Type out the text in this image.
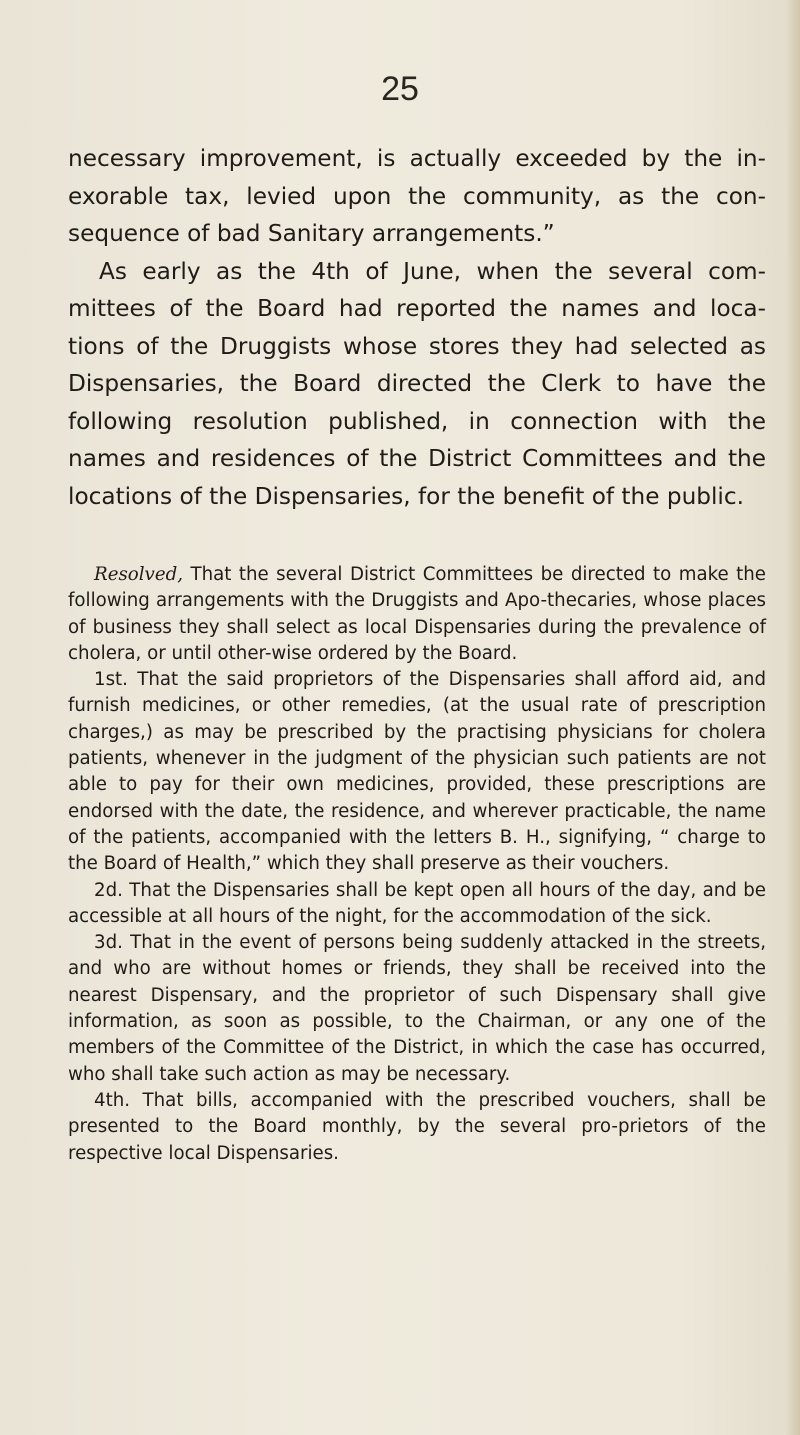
25

necessary improvement, is actually exceeded by the in-exorable tax, levied upon the community, as the con-sequence of bad Sanitary arrangements.”

As early as the 4th of June, when the several com-mittees of the Board had reported the names and loca-tions of the Druggists whose stores they had selected as Dispensaries, the Board directed the Clerk to have the following resolution published, in connection with the names and residences of the District Committees and the locations of the Dispensaries, for the benefit of the public.

Resolved, That the several District Committees be directed to make the following arrangements with the Druggists and Apo-thecaries, whose places of business they shall select as local Dispensaries during the prevalence of cholera, or until other-wise ordered by the Board.

1st. That the said proprietors of the Dispensaries shall afford aid, and furnish medicines, or other remedies, (at the usual rate of prescription charges,) as may be prescribed by the practising physicians for cholera patients, whenever in the judgment of the physician such patients are not able to pay for their own medicines, provided, these prescriptions are endorsed with the date, the residence, and wherever practicable, the name of the patients, accompanied with the letters B. H., signifying, “ charge to the Board of Health,” which they shall preserve as their vouchers.

2d. That the Dispensaries shall be kept open all hours of the day, and be accessible at all hours of the night, for the accommodation of the sick.

3d. That in the event of persons being suddenly attacked in the streets, and who are without homes or friends, they shall be received into the nearest Dispensary, and the proprietor of such Dispensary shall give information, as soon as possible, to the Chairman, or any one of the members of the Committee of the District, in which the case has occurred, who shall take such action as may be necessary.

4th. That bills, accompanied with the prescribed vouchers, shall be presented to the Board monthly, by the several pro-prietors of the respective local Dispensaries.
